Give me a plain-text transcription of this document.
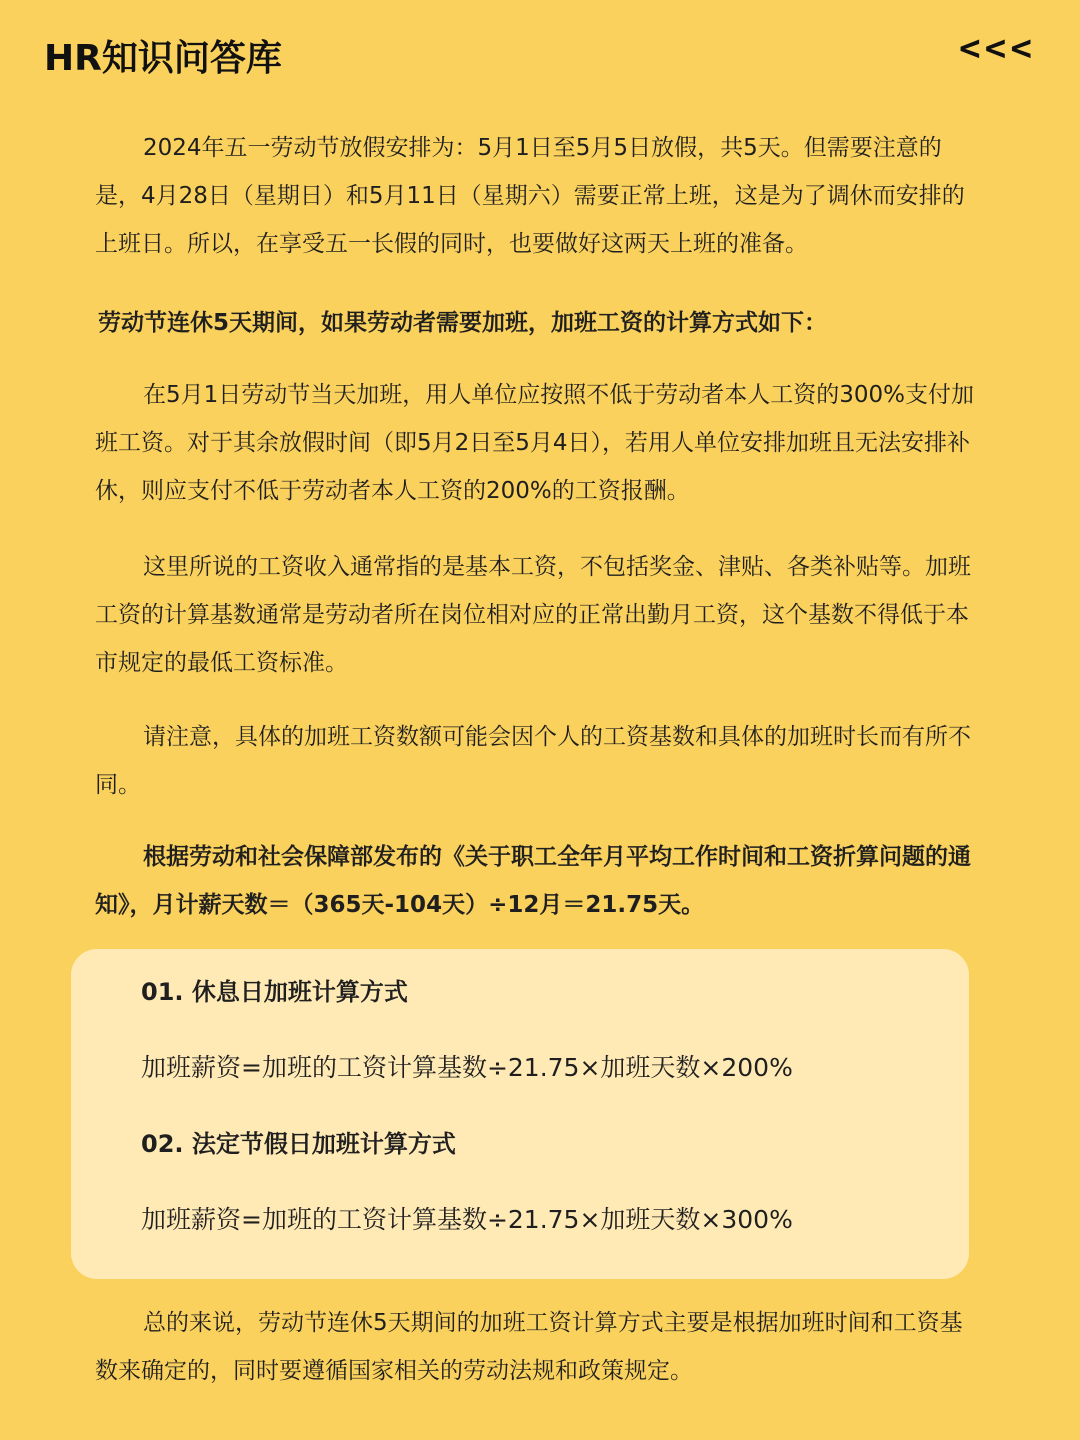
HR知识问答库	<<<

2024年五一劳动节放假安排为：5月1日至5月5日放假，共5天。但需要注意的是，4月28日（星期日）和5月11日（星期六）需要正常上班，这是为了调休而安排的上班日。所以，在享受五一长假的同时，也要做好这两天上班的准备。

劳动节连休5天期间，如果劳动者需要加班，加班工资的计算方式如下：

在5月1日劳动节当天加班，用人单位应按照不低于劳动者本人工资的300%支付加班工资。对于其余放假时间（即5月2日至5月4日），若用人单位安排加班且无法安排补休，则应支付不低于劳动者本人工资的200%的工资报酬。

这里所说的工资收入通常指的是基本工资，不包括奖金、津贴、各类补贴等。加班工资的计算基数通常是劳动者所在岗位相对应的正常出勤月工资，这个基数不得低于本市规定的最低工资标准。

请注意，具体的加班工资数额可能会因个人的工资基数和具体的加班时长而有所不同。

根据劳动和社会保障部发布的《关于职工全年月平均工作时间和工资折算问题的通知》，月计薪天数＝（365天-104天）÷12月＝21.75天。

01. 休息日加班计算方式

加班薪资=加班的工资计算基数÷21.75×加班天数×200%

02. 法定节假日加班计算方式

加班薪资=加班的工资计算基数÷21.75×加班天数×300%

总的来说，劳动节连休5天期间的加班工资计算方式主要是根据加班时间和工资基数来确定的，同时要遵循国家相关的劳动法规和政策规定。
